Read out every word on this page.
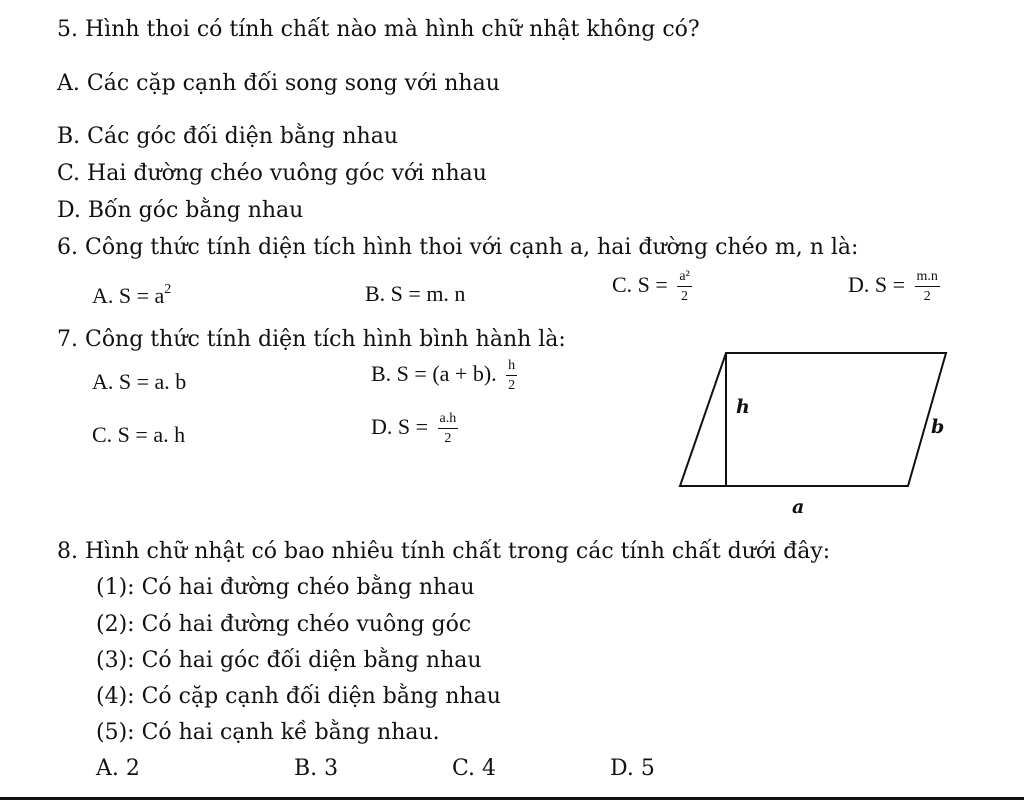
5. Hình thoi có tính chất nào mà hình chữ nhật không có?
A. Các cặp cạnh đối song song với nhau
B. Các góc đối diện bằng nhau
C. Hai đường chéo vuông góc với nhau
D. Bốn góc bằng nhau
6. Công thức tính diện tích hình thoi với cạnh a, hai đường chéo m, n là:
A. $S = a^2$	B. S = m. n	C. $S = \frac{\text{a²}}{2}$	D. $S = \frac{m.n}{2}$
7. Công thức tính diện tích hình bình hành là:
A. S = a. b	B. S = (a + b). $\frac{h}{2}$
C. S = a. h	D. $S = \frac{a.h}{2}$
h
b
a
8. Hình chữ nhật có bao nhiêu tính chất trong các tính chất dưới đây:
(1): Có hai đường chéo bằng nhau
(2): Có hai đường chéo vuông góc
(3): Có hai góc đối diện bằng nhau
(4): Có cặp cạnh đối diện bằng nhau
(5): Có hai cạnh kề bằng nhau.
A. 2	B. 3	C. 4	D. 5
